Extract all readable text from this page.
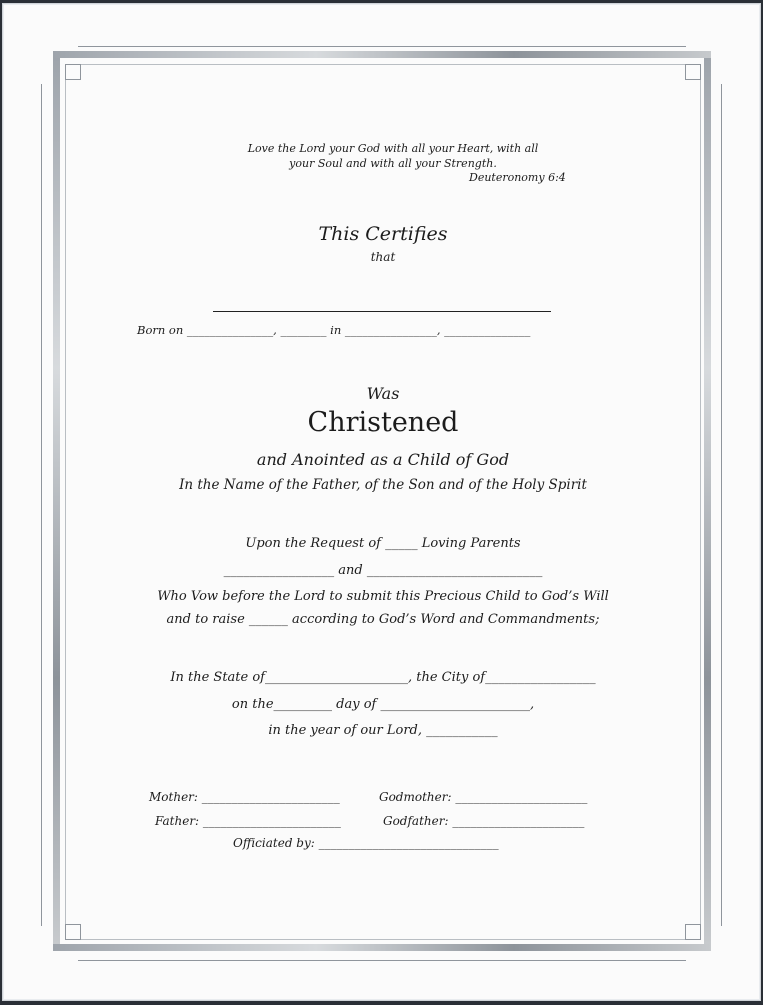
Love the Lord your God with all your Heart, with all
your Soul and with all your Strength.
Deuteronomy 6:4
This Certifies
that
Born on _______________, ________ in ________________, _______________
Was
Christened
and Anointed as a Child of God
In the Name of the Father, of the Son and of the Holy Spirit
Upon the Request of _____ Loving Parents
_________________ and ___________________________
Who Vow before the Lord to submit this Precious Child to God’s Will
and to raise ______ according to God’s Word and Commandments;
In the State of______________________, the City of_________________
on the_________ day of _______________________,
in the year of our Lord, ___________
Mother: _______________________	Godmother: ______________________
Father: _______________________	Godfather: ______________________
Officiated by: ______________________________
